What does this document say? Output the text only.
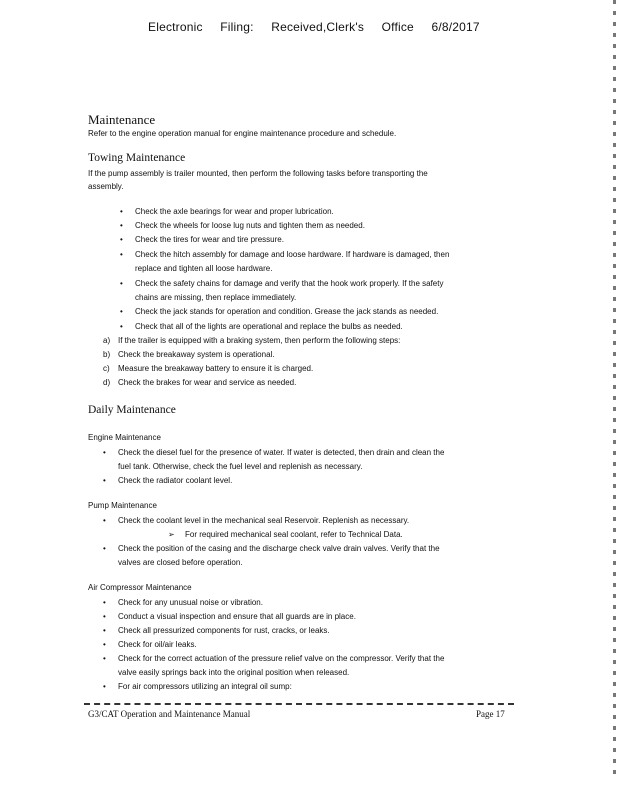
Electronic Filing: Received,Clerk's Office 6/8/2017
Maintenance
Refer to the engine operation manual for engine maintenance procedure and schedule.
Towing Maintenance
If the pump assembly is trailer mounted, then perform the following tasks before transporting the
assembly.
• Check the axle bearings for wear and proper lubrication.
• Check the wheels for loose lug nuts and tighten them as needed.
• Check the tires for wear and tire pressure.
• Check the hitch assembly for damage and loose hardware. If hardware is damaged, then
replace and tighten all loose hardware.
• Check the safety chains for damage and verify that the hook work properly. If the safety
chains are missing, then replace immediately.
• Check the jack stands for operation and condition. Grease the jack stands as needed.
• Check that all of the lights are operational and replace the bulbs as needed.
a) If the trailer is equipped with a braking system, then perform the following steps:
b) Check the breakaway system is operational.
c) Measure the breakaway battery to ensure it is charged.
d) Check the brakes for wear and service as needed.
Daily Maintenance
Engine Maintenance
• Check the diesel fuel for the presence of water. If water is detected, then drain and clean the
fuel tank. Otherwise, check the fuel level and replenish as necessary.
• Check the radiator coolant level.
Pump Maintenance
• Check the coolant level in the mechanical seal Reservoir. Replenish as necessary.
➢ For required mechanical seal coolant, refer to Technical Data.
• Check the position of the casing and the discharge check valve drain valves. Verify that the
valves are closed before operation.
Air Compressor Maintenance
• Check for any unusual noise or vibration.
• Conduct a visual inspection and ensure that all guards are in place.
• Check all pressurized components for rust, cracks, or leaks.
• Check for oil/air leaks.
• Check for the correct actuation of the pressure relief valve on the compressor. Verify that the
valve easily springs back into the original position when released.
• For air compressors utilizing an integral oil sump:
G3/CAT Operation and Maintenance Manual	Page 17
